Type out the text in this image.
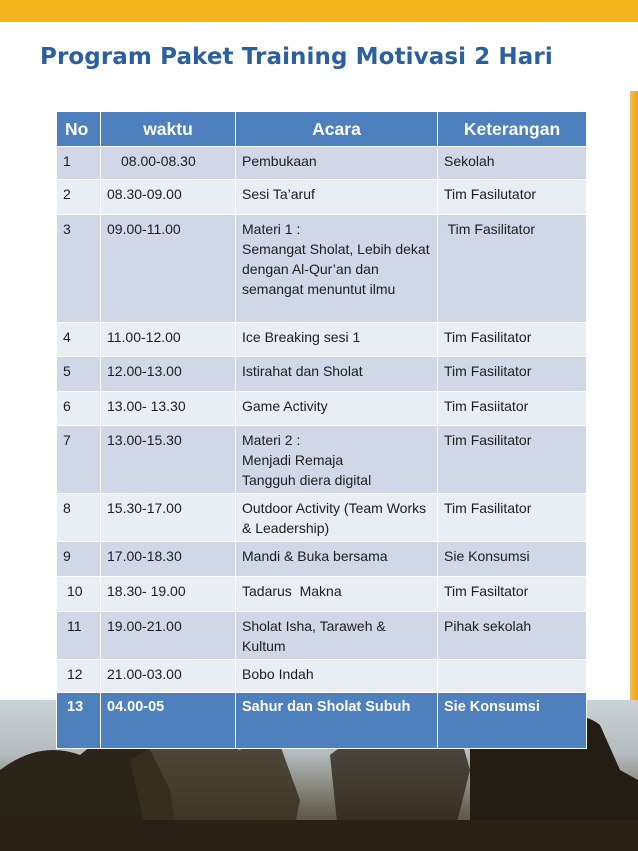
Program Paket Training Motivasi 2 Hari
No	waktu	Acara	Keterangan
1	08.00-08.30	Pembukaan	Sekolah
2	08.30-09.00	Sesi Ta’aruf	Tim Fasilutator
3	09.00-11.00	Materi 1 :
Semangat Sholat, Lebih dekat dengan Al-Qur’an dan semangat menuntut ilmu	Tim Fasilitator
4	11.00-12.00	Ice Breaking sesi 1	Tim Fasilitator
5	12.00-13.00	Istirahat dan Sholat	Tim Fasilitator
6	13.00- 13.30	Game Activity	Tim Fasiitator
7	13.00-15.30	Materi 2 :
Menjadi Remaja
Tangguh diera digital	Tim Fasilitator
8	15.30-17.00	Outdoor Activity (Team Works & Leadership)	Tim Fasilitator
9	17.00-18.30	Mandi & Buka bersama	Sie Konsumsi
10	18.30- 19.00	Tadarus  Makna	Tim Fasiltator
11	19.00-21.00	Sholat Isha, Taraweh & Kultum	Pihak sekolah
12	21.00-03.00	Bobo Indah	
13	04.00-05	Sahur dan Sholat Subuh	Sie Konsumsi
